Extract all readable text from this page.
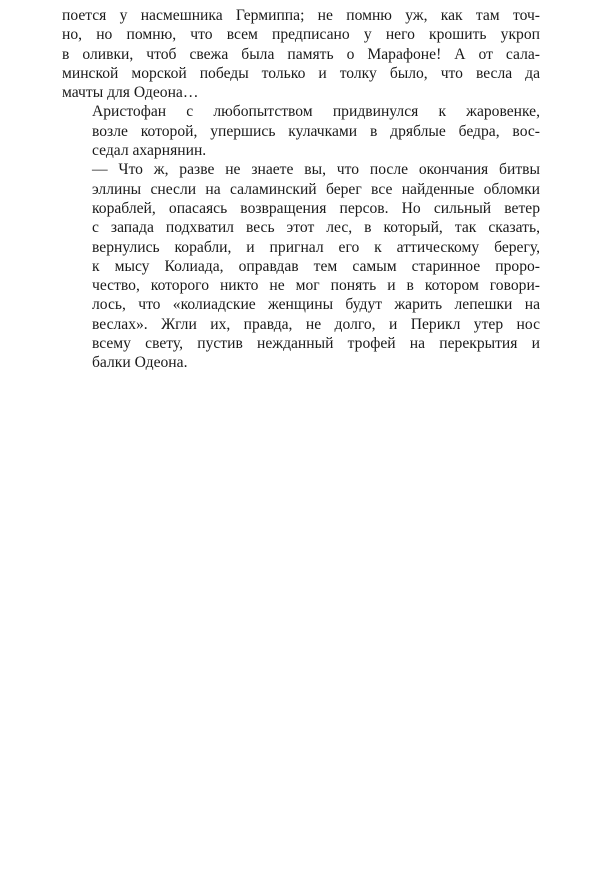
поется у насмешника Гермиппа; не помню уж, как там точ-
но, но помню, что всем предписано у него крошить укроп
в оливки, чтоб свежа была память о Марафоне! А от сала-
минской морской победы только и толку было, что весла да
мачты для Одеона…

Аристофан с любопытством придвинулся к жаровенке,
возле которой, упершись кулачками в дряблые бедра, вос-
седал ахарнянин.

— Что ж, разве не знаете вы, что после окончания битвы
эллины снесли на саламинский берег все найденные обломки
кораблей, опасаясь возвращения персов. Но сильный ветер
с запада подхватил весь этот лес, в который, так сказать,
вернулись корабли, и пригнал его к аттическому берегу,
к мысу Колиада, оправдав тем самым старинное проро-
чество, которого никто не мог понять и в котором говори-
лось, что «колиадские женщины будут жарить лепешки на
веслах». Жгли их, правда, не долго, и Перикл утер нос
всему свету, пустив нежданный трофей на перекрытия и
балки Одеона.
